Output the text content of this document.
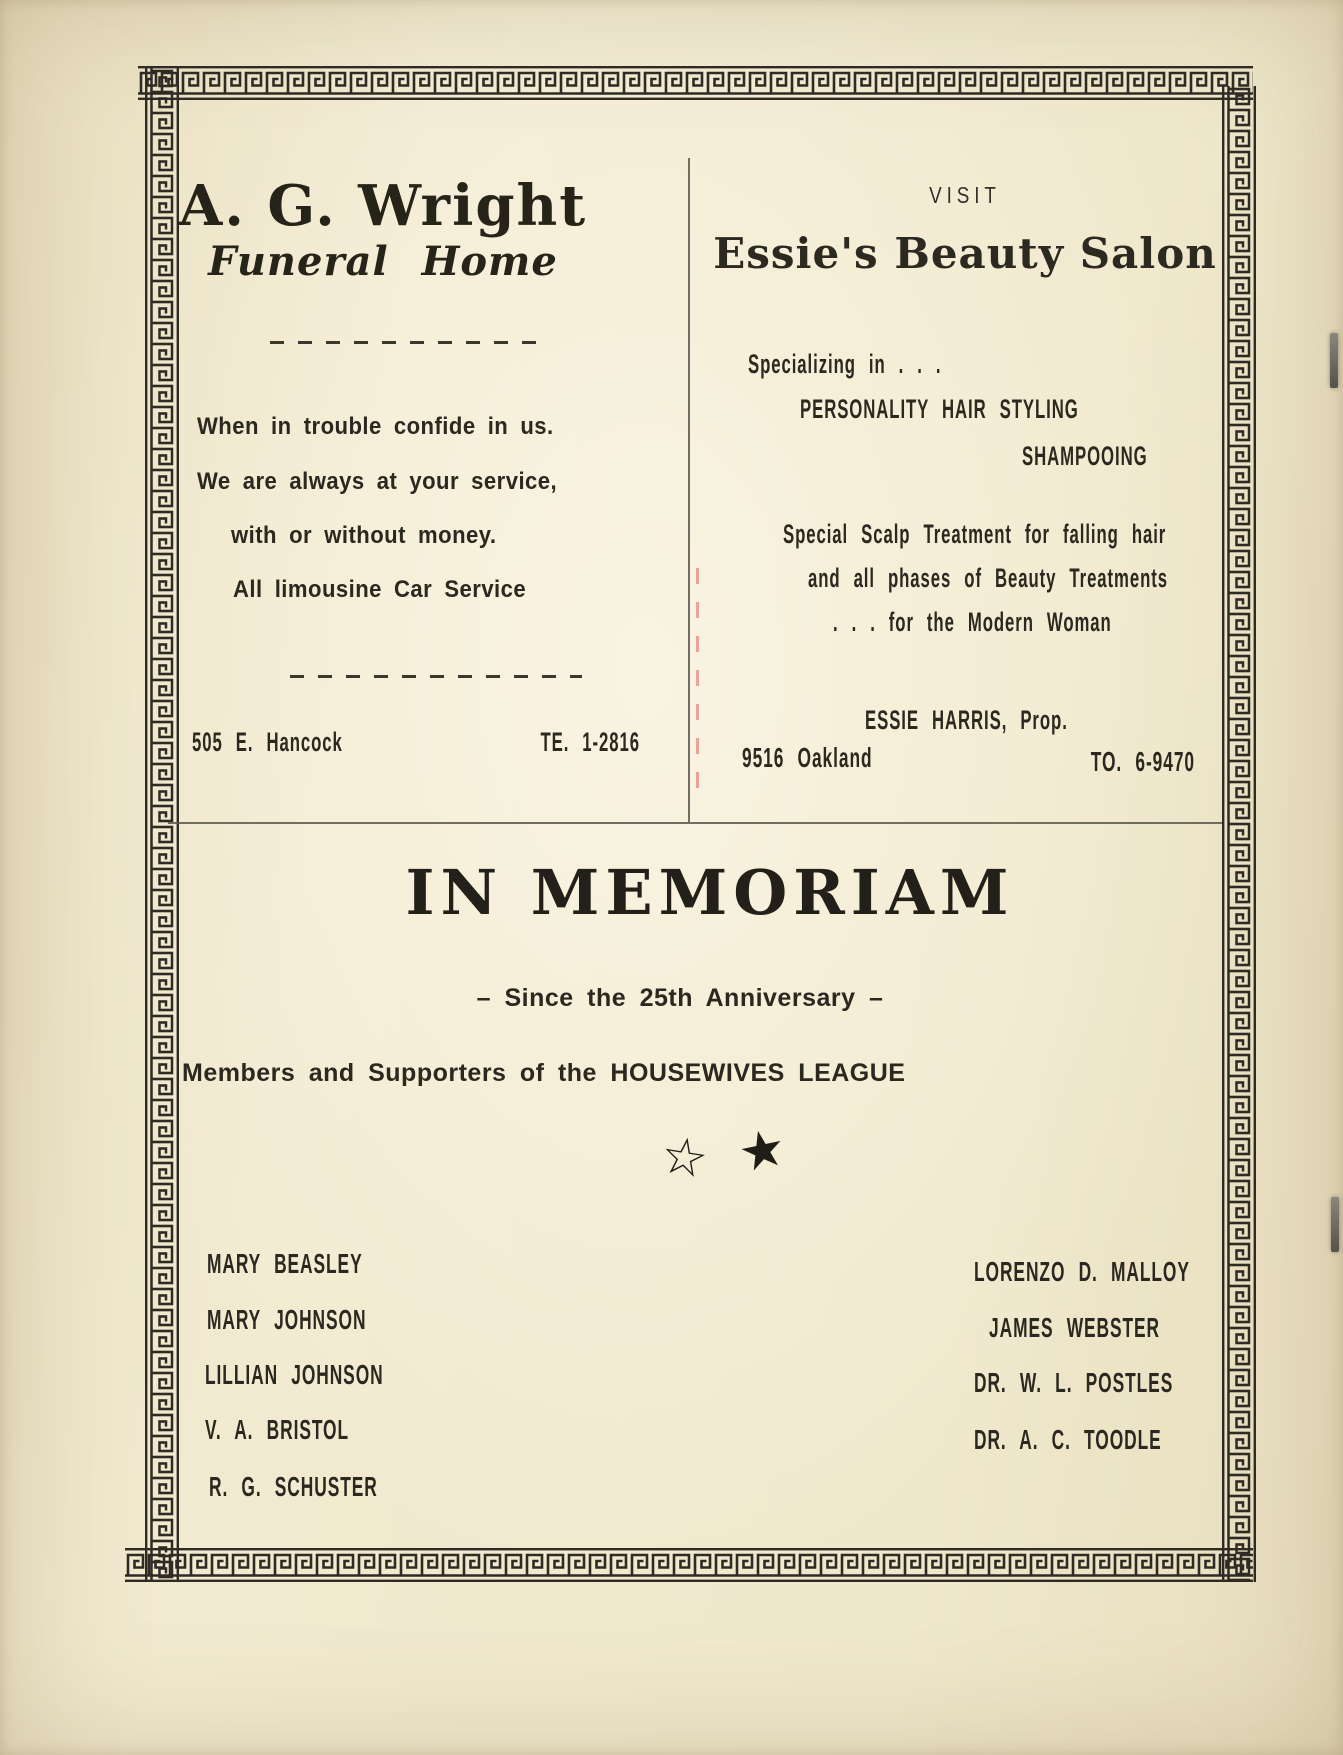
A. G. Wright
Funeral Home
When in trouble confide in us.
We are always at your service,
with or without money.
All limousine Car Service
505 E. Hancock	TE. 1-2816
VISIT
Essie's Beauty Salon
Specializing in . . .
PERSONALITY HAIR STYLING
SHAMPOOING
Special Scalp Treatment for falling hair
and all phases of Beauty Treatments
. . . for the Modern Woman
ESSIE HARRIS, Prop.
9516 Oakland	TO. 6-9470
IN MEMORIAM
– Since the 25th Anniversary –
Members and Supporters of the HOUSEWIVES LEAGUE
☆ ★
MARY BEASLEY
MARY JOHNSON
LILLIAN JOHNSON
V. A. BRISTOL
R. G. SCHUSTER
LORENZO D. MALLOY
JAMES WEBSTER
DR. W. L. POSTLES
DR. A. C. TOODLE
